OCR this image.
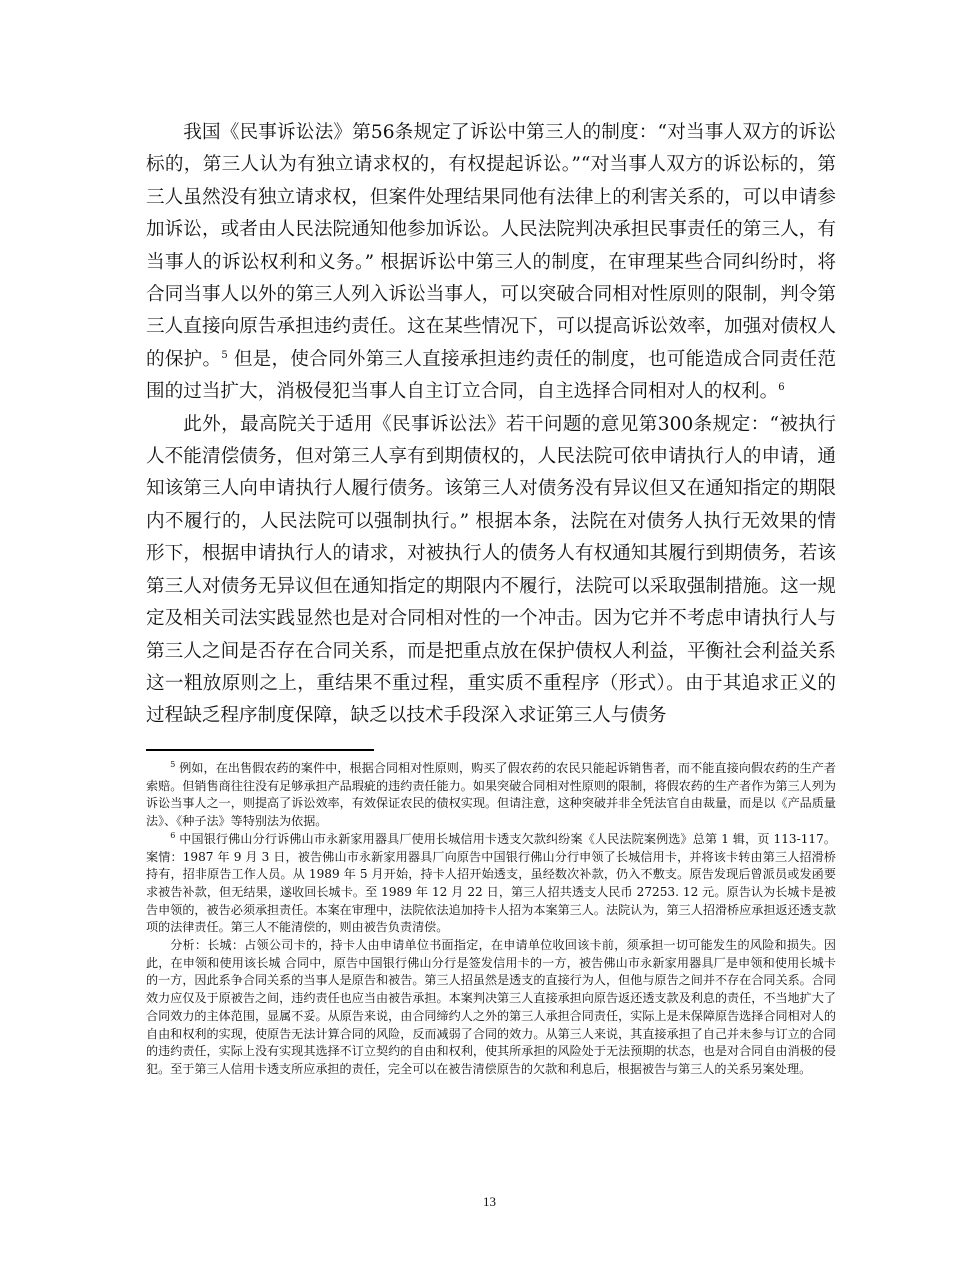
我国《民事诉讼法》第56条规定了诉讼中第三人的制度：“对当事人双方的诉讼标的，第三人认为有独立请求权的，有权提起诉讼。”“对当事人双方的诉讼标的，第三人虽然没有独立请求权，但案件处理结果同他有法律上的利害关系的，可以申请参加诉讼，或者由人民法院通知他参加诉讼。人民法院判决承担民事责任的第三人，有当事人的诉讼权利和义务。” 根据诉讼中第三人的制度，在审理某些合同纠纷时，将合同当事人以外的第三人列入诉讼当事人，可以突破合同相对性原则的限制，判令第三人直接向原告承担违约责任。这在某些情况下，可以提高诉讼效率，加强对债权人的保护。$^5$ 但是，使合同外第三人直接承担违约责任的制度，也可能造成合同责任范围的过当扩大，消极侵犯当事人自主订立合同，自主选择合同相对人的权利。$^6$

此外，最高院关于适用《民事诉讼法》若干问题的意见第300条规定：“被执行人不能清偿债务，但对第三人享有到期债权的，人民法院可依申请执行人的申请，通知该第三人向申请执行人履行债务。该第三人对债务没有异议但又在通知指定的期限内不履行的，人民法院可以强制执行。” 根据本条，法院在对债务人执行无效果的情形下，根据申请执行人的请求，对被执行人的债务人有权通知其履行到期债务，若该第三人对债务无异议但在通知指定的期限内不履行，法院可以采取强制措施。这一规定及相关司法实践显然也是对合同相对性的一个冲击。因为它并不考虑申请执行人与第三人之间是否存在合同关系，而是把重点放在保护债权人利益，平衡社会利益关系这一粗放原则之上，重结果不重过程，重实质不重程序（形式）。由于其追求正义的过程缺乏程序制度保障，缺乏以技术手段深入求证第三人与债务

$^5$ 例如，在出售假农药的案件中，根据合同相对性原则，购买了假农药的农民只能起诉销售者，而不能直接向假农药的生产者索赔。但销售商往往没有足够承担产品瑕疵的违约责任能力。如果突破合同相对性原则的限制，将假农药的生产者作为第三人列为诉讼当事人之一，则提高了诉讼效率，有效保证农民的债权实现。但请注意，这种突破并非全凭法官自由裁量，而是以《产品质量法》、《种子法》等特别法为依据。

$^6$ 中国银行佛山分行诉佛山市永新家用器具厂使用长城信用卡透支欠款纠纷案《人民法院案例选》总第 1 辑，页 113-117。 案情：1987 年 9 月 3 日，被告佛山市永新家用器具厂向原告中国银行佛山分行申领了长城信用卡，并将该卡转由第三人招滑桥持有，招非原告工作人员。从 1989 年 5 月开始，持卡人招开始透支，虽经数次补款，仍入不敷支。原告发现后曾派员或发函要求被告补款，但无结果，遂收回长城卡。至 1989 年 12 月 22 日，第三人招共透支人民币 27253. 12 元。原告认为长城卡是被告申领的，被告必须承担责任。本案在审理中，法院依法追加持卡人招为本案第三人。法院认为，第三人招滑桥应承担返还透支款项的法律责任。第三人不能清偿的，则由被告负责清偿。

分析：长城：占领公司卡的，持卡人由申请单位书面指定，在申请单位收回该卡前，须承担一切可能发生的风险和损失。因此，在申领和使用该长城 合同中，原告中国银行佛山分行是签发信用卡的一方，被告佛山市永新家用器具厂是申领和使用长城卡的一方，因此系争合同关系的当事人是原告和被告。第三人招虽然是透支的直接行为人，但他与原告之间并不存在合同关系。合同效力应仅及于原被告之间，违约责任也应当由被告承担。本案判决第三人直接承担向原告返还透支款及利息的责任，不当地扩大了合同效力的主体范围，显属不妥。从原告来说，由合同缔约人之外的第三人承担合同责任，实际上是未保障原告选择合同相对人的自由和权利的实现，使原告无法计算合同的风险，反而减弱了合同的效力。从第三人来说，其直接承担了自己并未参与订立的合同的违约责任，实际上没有实现其选择不订立契约的自由和权利，使其所承担的风险处于无法预期的状态，也是对合同自由消极的侵犯。至于第三人信用卡透支所应承担的责任，完全可以在被告清偿原告的欠款和利息后，根据被告与第三人的关系另案处理。

13
